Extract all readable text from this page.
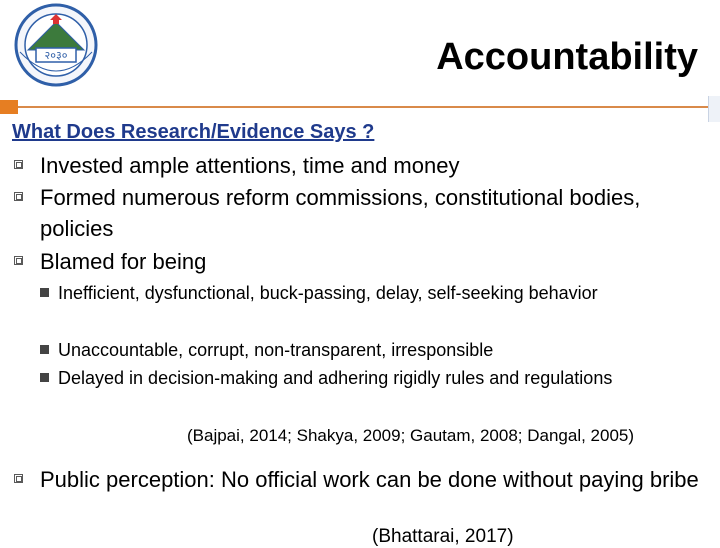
२०३०	Accountability
What Does Research/Evidence Says ?
Invested ample attentions, time and money
Formed numerous reform commissions, constitutional bodies, policies
Blamed for being
Inefficient, dysfunctional, buck-passing, delay, self-seeking behavior
Unaccountable, corrupt, non-transparent, irresponsible
Delayed in decision-making and adhering rigidly rules and regulations
(Bajpai, 2014; Shakya, 2009; Gautam, 2008; Dangal, 2005)
Public perception: No official work can be done without paying bribe
(Bhattarai, 2017)
